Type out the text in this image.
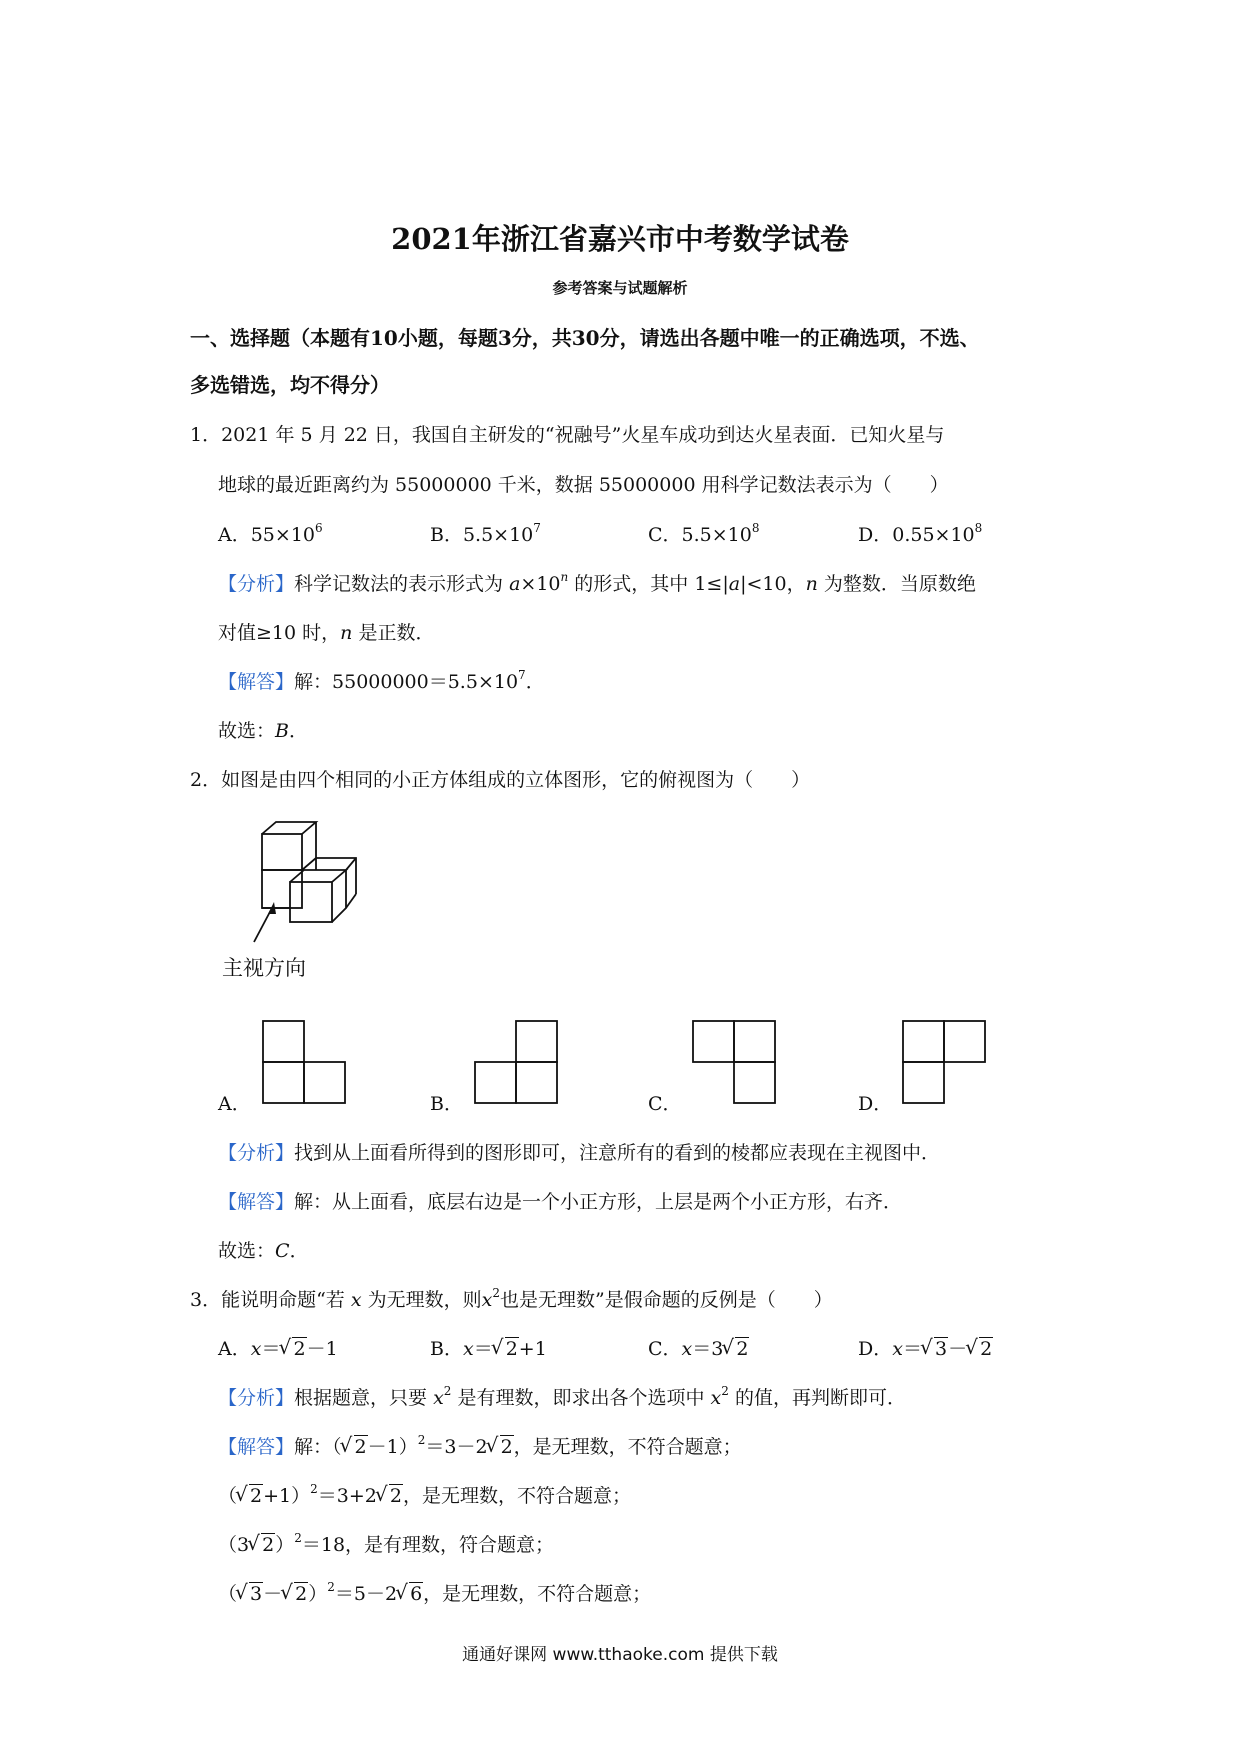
2021年浙江省嘉兴市中考数学试卷
参考答案与试题解析
一、选择题（本题有10小题，每题3分，共30分，请选出各题中唯一的正确选项，不选、
多选错选，均不得分）
1．2021 年 5 月 22 日，我国自主研发的“祝融号”火星车成功到达火星表面．已知火星与
地球的最近距离约为 55000000 千米，数据 55000000 用科学记数法表示为（　　）
A．$55\times 10^6$	B．$5.5\times 10^7$	C．$5.5\times 10^8$	D．$0.55\times 10^8$
【分析】科学记数法的表示形式为 $a\times 10^n$ 的形式，其中 1≤|a|<10，n 为整数．当原数绝
对值≥10 时，n 是正数．
【解答】解：$55000000=5.5\times 10^7$．
故选：B．
2．如图是由四个相同的小正方体组成的立体图形，它的俯视图为（　　）
主视方向
A．	B．	C．	D．
【分析】找到从上面看所得到的图形即可，注意所有的看到的棱都应表现在主视图中．
【解答】解：从上面看，底层右边是一个小正方形，上层是两个小正方形，右齐．
故选：C．
3．能说明命题“若 x 为无理数，则$x^2$也是无理数”是假命题的反例是（　　）
A．x＝ √ 2－1	B．x＝ √ 2+1	C．x＝3 √ 2	D．x＝ √ 3－ √ 2
【分析】根据题意，只要 $x^2$ 是有理数，即求出各个选项中 $x^2$ 的值，再判断即可．
【解答】解：（ √ 2－1）$^2$＝3－2 √ 2，是无理数，不符合题意；
（ √ 2+1）$^2$＝3+2 √ 2，是无理数，不符合题意；
（3 √ 2）$^2$＝18，是有理数，符合题意；
（ √ 3－ √ 2）$^2$＝5－2 √ 6，是无理数，不符合题意；
通通好课网 www.tthaoke.com 提供下载
